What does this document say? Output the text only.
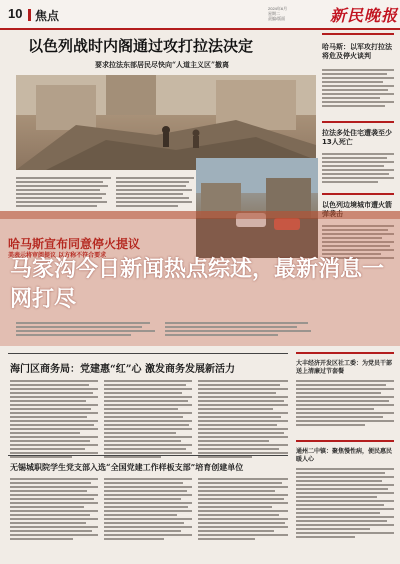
10 焦点
2024年6月
星期二
责编/版面	新民晚报
以色列战时内阁通过攻打拉法决定
要求拉法东部居民尽快向“人道主义区”撤离
哈马斯：以军攻打拉法将危及停火谈判
拉法多处住宅遭袭至少13人死亡
以色列边境城市遭火箭弹袭击
哈马斯宣布同意停火提议
美表示将审阅提议 以方称不符合要求
马家沟今日新闻热点综述，最新消息一网打尽
海门区商务局：党建惠“红”心 激发商务发展新活力
无锡城职院学生党支部入选“全国党建工作样板支部”培育创建单位
大丰经济开发区社工委：为党员干部送上清廉过节套餐
通州二中镇：聚焦慢性病，便民惠民暖人心
